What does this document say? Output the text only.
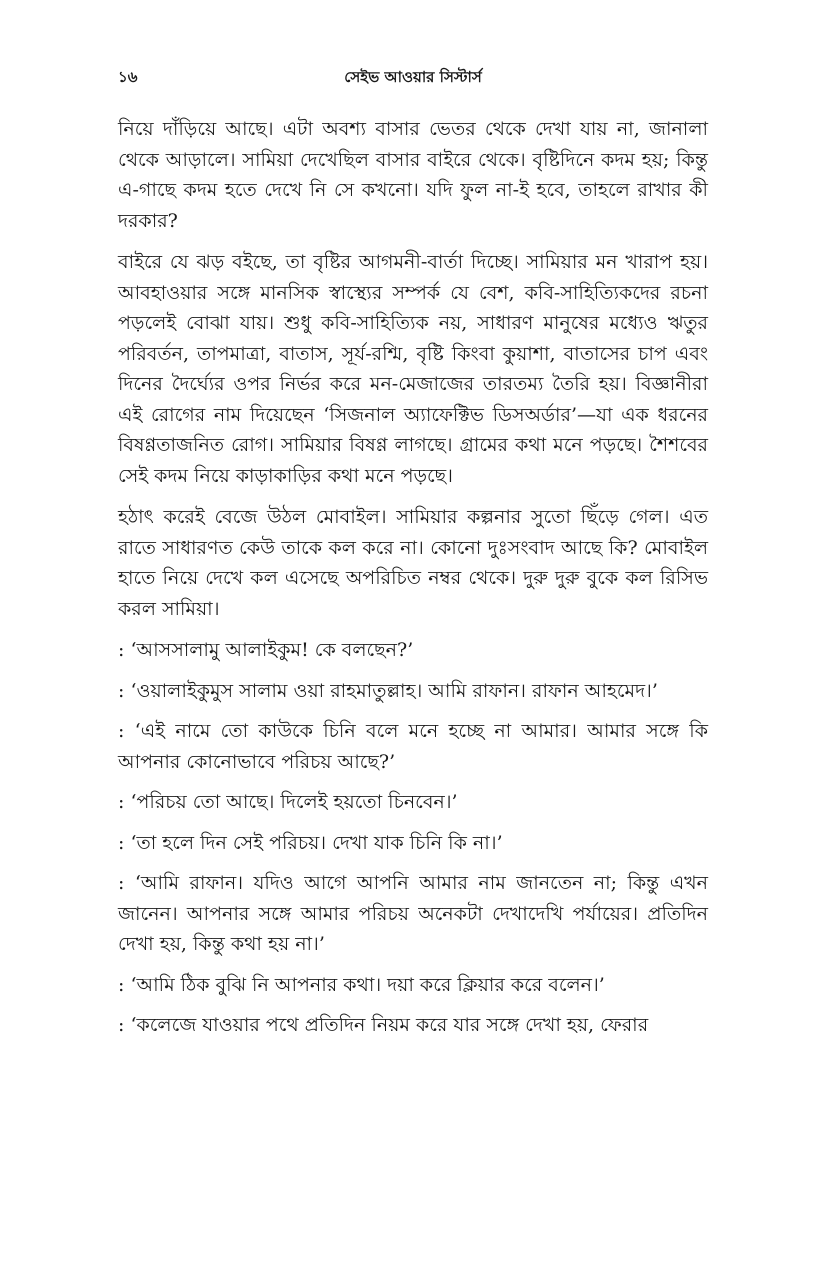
১৬	সেইভ আওয়ার সিস্টার্স

নিয়ে দাঁড়িয়ে আছে। এটা অবশ্য বাসার ভেতর থেকে দেখা যায় না, জানালা থেকে আড়ালে। সামিয়া দেখেছিল বাসার বাইরে থেকে। বৃষ্টিদিনে কদম হয়; কিন্তু এ-গাছে কদম হতে দেখে নি সে কখনো। যদি ফুল না-ই হবে, তাহলে রাখার কী দরকার?

বাইরে যে ঝড় বইছে, তা বৃষ্টির আগমনী-বার্তা দিচ্ছে। সামিয়ার মন খারাপ হয়। আবহাওয়ার সঙ্গে মানসিক স্বাস্থ্যের সম্পর্ক যে বেশ, কবি-সাহিত্যিকদের রচনা পড়লেই বোঝা যায়। শুধু কবি-সাহিত্যিক নয়, সাধারণ মানুষের মধ্যেও ঋতুর পরিবর্তন, তাপমাত্রা, বাতাস, সূর্য-রশ্মি, বৃষ্টি কিংবা কুয়াশা, বাতাসের চাপ এবং দিনের দৈর্ঘ্যের ওপর নির্ভর করে মন-মেজাজের তারতম্য তৈরি হয়। বিজ্ঞানীরা এই রোগের নাম দিয়েছেন ‘সিজনাল অ্যাফেক্টিভ ডিসঅর্ডার’—যা এক ধরনের বিষণ্ণতাজনিত রোগ। সামিয়ার বিষণ্ণ লাগছে। গ্রামের কথা মনে পড়ছে। শৈশবের সেই কদম নিয়ে কাড়াকাড়ির কথা মনে পড়ছে।

হঠাৎ করেই বেজে উঠল মোবাইল। সামিয়ার কল্পনার সুতো ছিঁড়ে গেল। এত রাতে সাধারণত কেউ তাকে কল করে না। কোনো দুঃসংবাদ আছে কি? মোবাইল হাতে নিয়ে দেখে কল এসেছে অপরিচিত নম্বর থেকে। দুরু দুরু বুকে কল রিসিভ করল সামিয়া।

: ‘আসসালামু আলাইকুম! কে বলছেন?’

: ‘ওয়ালাইকুমুস সালাম ওয়া রাহমাতুল্লাহ। আমি রাফান। রাফান আহমেদ।’

: ‘এই নামে তো কাউকে চিনি বলে মনে হচ্ছে না আমার। আমার সঙ্গে কি আপনার কোনোভাবে পরিচয় আছে?’

: ‘পরিচয় তো আছে। দিলেই হয়তো চিনবেন।’

: ‘তা হলে দিন সেই পরিচয়। দেখা যাক চিনি কি না।’

: ‘আমি রাফান। যদিও আগে আপনি আমার নাম জানতেন না; কিন্তু এখন জানেন। আপনার সঙ্গে আমার পরিচয় অনেকটা দেখাদেখি পর্যায়ের। প্রতিদিন দেখা হয়, কিন্তু কথা হয় না।’

: ‘আমি ঠিক বুঝি নি আপনার কথা। দয়া করে ক্লিয়ার করে বলেন।’

: ‘কলেজে যাওয়ার পথে প্রতিদিন নিয়ম করে যার সঙ্গে দেখা হয়, ফেরার
